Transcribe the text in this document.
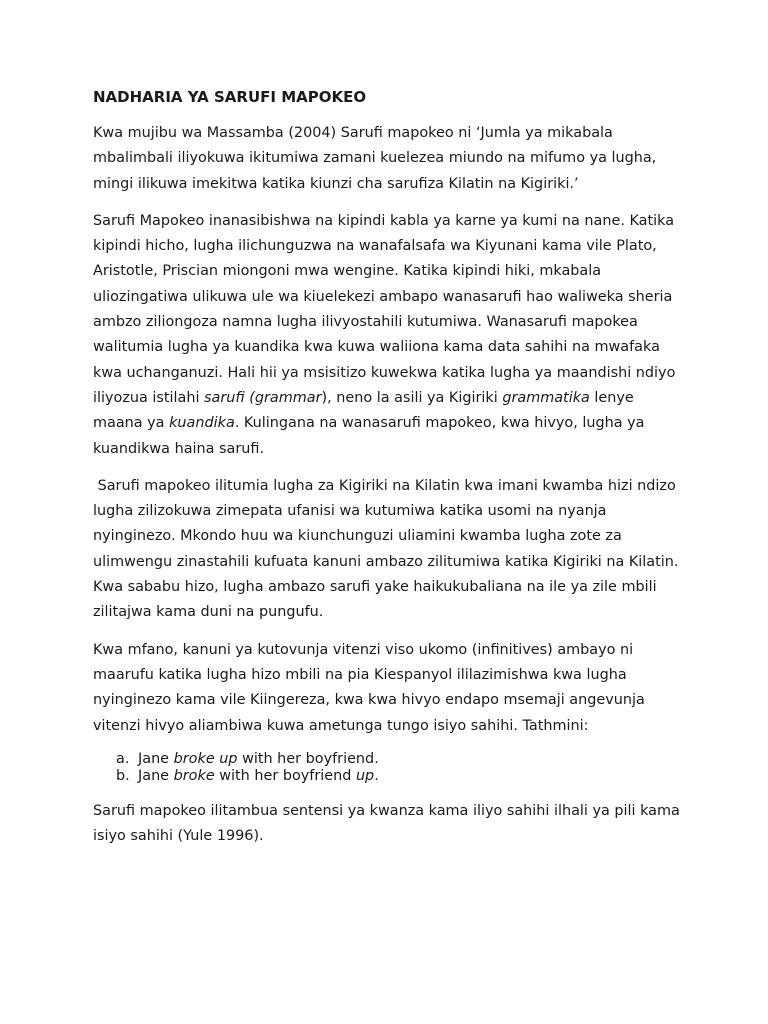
NADHARIA YA SARUFI MAPOKEO

Kwa mujibu wa Massamba (2004) Sarufi mapokeo ni ‘Jumla ya mikabala mbalimbali iliyokuwa ikitumiwa zamani kuelezea miundo na mifumo ya lugha, mingi ilikuwa imekitwa katika kiunzi cha sarufiza Kilatin na Kigiriki.’

Sarufi Mapokeo inanasibishwa na kipindi kabla ya karne ya kumi na nane. Katika kipindi hicho, lugha ilichunguzwa na wanafalsafa wa Kiyunani kama vile Plato, Aristotle, Priscian miongoni mwa wengine. Katika kipindi hiki, mkabala uliozingatiwa ulikuwa ule wa kiuelekezi ambapo wanasarufi hao waliweka sheria ambzo ziliongoza namna lugha ilivyostahili kutumiwa. Wanasarufi mapokea walitumia lugha ya kuandika kwa kuwa waliiona kama data sahihi na mwafaka kwa uchanganuzi. Hali hii ya msisitizo kuwekwa katika lugha ya maandishi ndiyo iliyozua istilahi sarufi (grammar), neno la asili ya Kigiriki grammatika lenye maana ya kuandika. Kulingana na wanasarufi mapokeo, kwa hivyo, lugha ya kuandikwa haina sarufi.

Sarufi mapokeo ilitumia lugha za Kigiriki na Kilatin kwa imani kwamba hizi ndizo lugha zilizokuwa zimepata ufanisi wa kutumiwa katika usomi na nyanja nyinginezo. Mkondo huu wa kiunchunguzi uliamini kwamba lugha zote za ulimwengu zinastahili kufuata kanuni ambazo zilitumiwa katika Kigiriki na Kilatin. Kwa sababu hizo, lugha ambazo sarufi yake haikukubaliana na ile ya zile mbili zilitajwa kama duni na pungufu.

Kwa mfano, kanuni ya kutovunja vitenzi viso ukomo (infinitives) ambayo ni maarufu katika lugha hizo mbili na pia Kiespanyol ililazimishwa kwa lugha nyinginezo kama vile Kiingereza, kwa kwa hivyo endapo msemaji angevunja vitenzi hivyo aliambiwa kuwa ametunga tungo isiyo sahihi. Tathmini:

a. Jane broke up with her boyfriend.
b. Jane broke with her boyfriend up.

Sarufi mapokeo ilitambua sentensi ya kwanza kama iliyo sahihi ilhali ya pili kama isiyo sahihi (Yule 1996).
